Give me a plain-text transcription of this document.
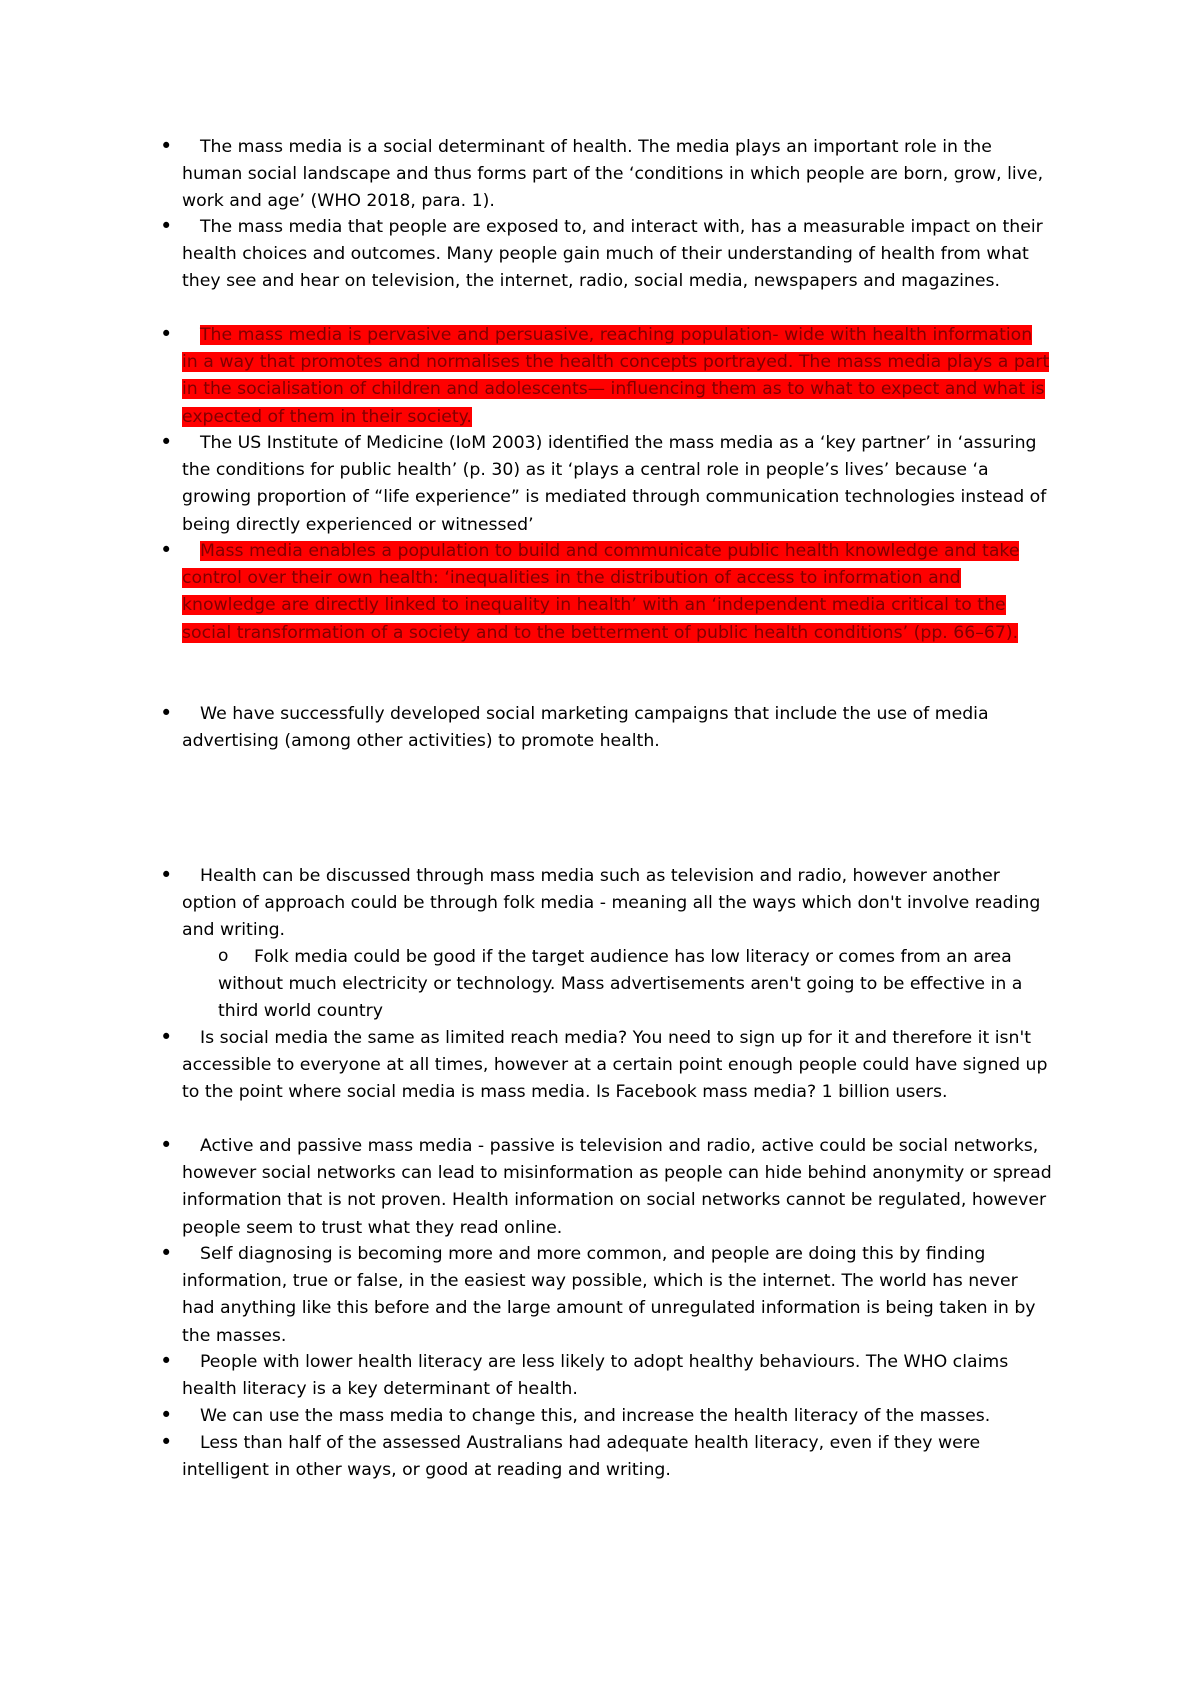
•	The mass media is a social determinant of health. The media plays an important role in the human social landscape and thus forms part of the ‘conditions in which people are born, grow, live, work and age’ (WHO 2018, para. 1).
•	The mass media that people are exposed to, and interact with, has a measurable impact on their health choices and outcomes. Many people gain much of their understanding of health from what they see and hear on television, the internet, radio, social media, newspapers and magazines.
•	The mass media is pervasive and persuasive, reaching population- wide with health information in a way that promotes and normalises the health concepts portrayed. The mass media plays a part in the socialisation of children and adolescents— influencing them as to what to expect and what is expected of them in their society.
•	The US Institute of Medicine (IoM 2003) identified the mass media as a ‘key partner’ in ‘assuring the conditions for public health’ (p. 30) as it ‘plays a central role in people’s lives’ because ‘a growing proportion of “life experience” is mediated through communication technologies instead of being directly experienced or witnessed’
•	Mass media enables a population to build and communicate public health knowledge and take control over their own health: ‘inequalities in the distribution of access to information and knowledge are directly linked to inequality in health’ with an ‘independent media critical to the social transformation of a society and to the betterment of public health conditions’ (pp. 66–67).
•	We have successfully developed social marketing campaigns that include the use of media advertising (among other activities) to promote health.
•	Health can be discussed through mass media such as television and radio, however another option of approach could be through folk media - meaning all the ways which don't involve reading and writing.
o	Folk media could be good if the target audience has low literacy or comes from an area without much electricity or technology. Mass advertisements aren't going to be effective in a third world country
•	Is social media the same as limited reach media? You need to sign up for it and therefore it isn't accessible to everyone at all times, however at a certain point enough people could have signed up to the point where social media is mass media. Is Facebook mass media? 1 billion users.
•	Active and passive mass media - passive is television and radio, active could be social networks, however social networks can lead to misinformation as people can hide behind anonymity or spread information that is not proven. Health information on social networks cannot be regulated, however people seem to trust what they read online.
•	Self diagnosing is becoming more and more common, and people are doing this by finding information, true or false, in the easiest way possible, which is the internet. The world has never had anything like this before and the large amount of unregulated information is being taken in by the masses.
•	People with lower health literacy are less likely to adopt healthy behaviours. The WHO claims health literacy is a key determinant of health.
•	We can use the mass media to change this, and increase the health literacy of the masses.
•	Less than half of the assessed Australians had adequate health literacy, even if they were intelligent in other ways, or good at reading and writing.
